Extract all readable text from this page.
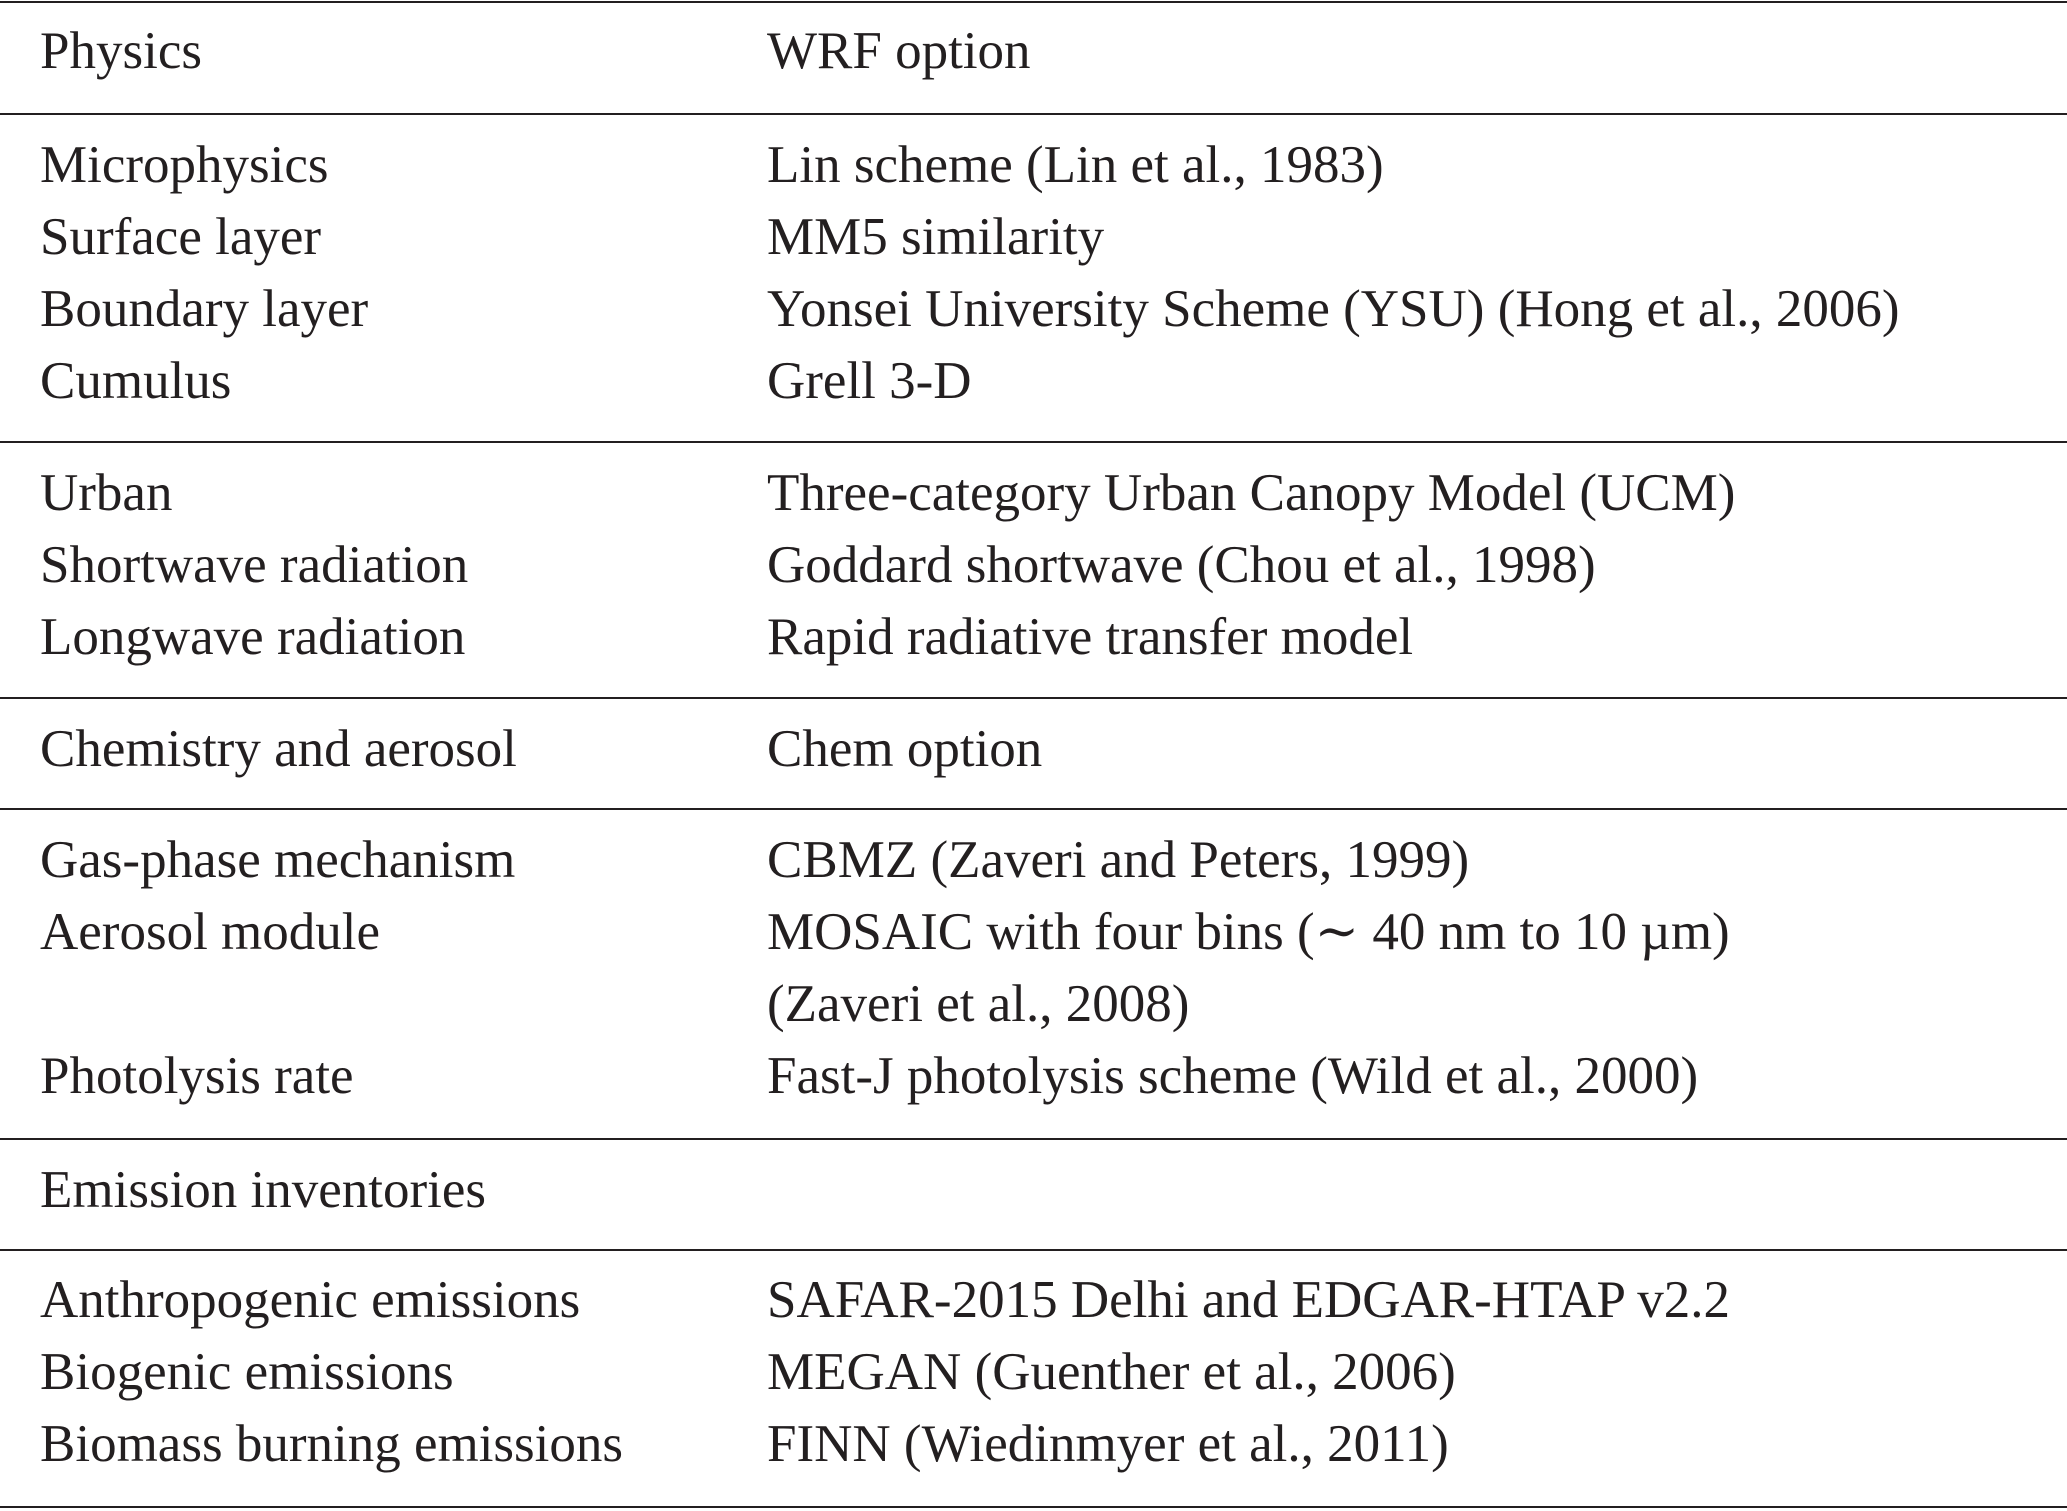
Physics	WRF option
Microphysics	Lin scheme (Lin et al., 1983)
Surface layer	MM5 similarity
Boundary layer	Yonsei University Scheme (YSU) (Hong et al., 2006)
Cumulus	Grell 3-D
Urban	Three-category Urban Canopy Model (UCM)
Shortwave radiation	Goddard shortwave (Chou et al., 1998)
Longwave radiation	Rapid radiative transfer model
Chemistry and aerosol	Chem option
Gas-phase mechanism	CBMZ (Zaveri and Peters, 1999)
Aerosol module	MOSAIC with four bins (∼ 40 nm to 10 µm)
(Zaveri et al., 2008)
Photolysis rate	Fast-J photolysis scheme (Wild et al., 2000)
Emission inventories
Anthropogenic emissions	SAFAR-2015 Delhi and EDGAR-HTAP v2.2
Biogenic emissions	MEGAN (Guenther et al., 2006)
Biomass burning emissions	FINN (Wiedinmyer et al., 2011)
